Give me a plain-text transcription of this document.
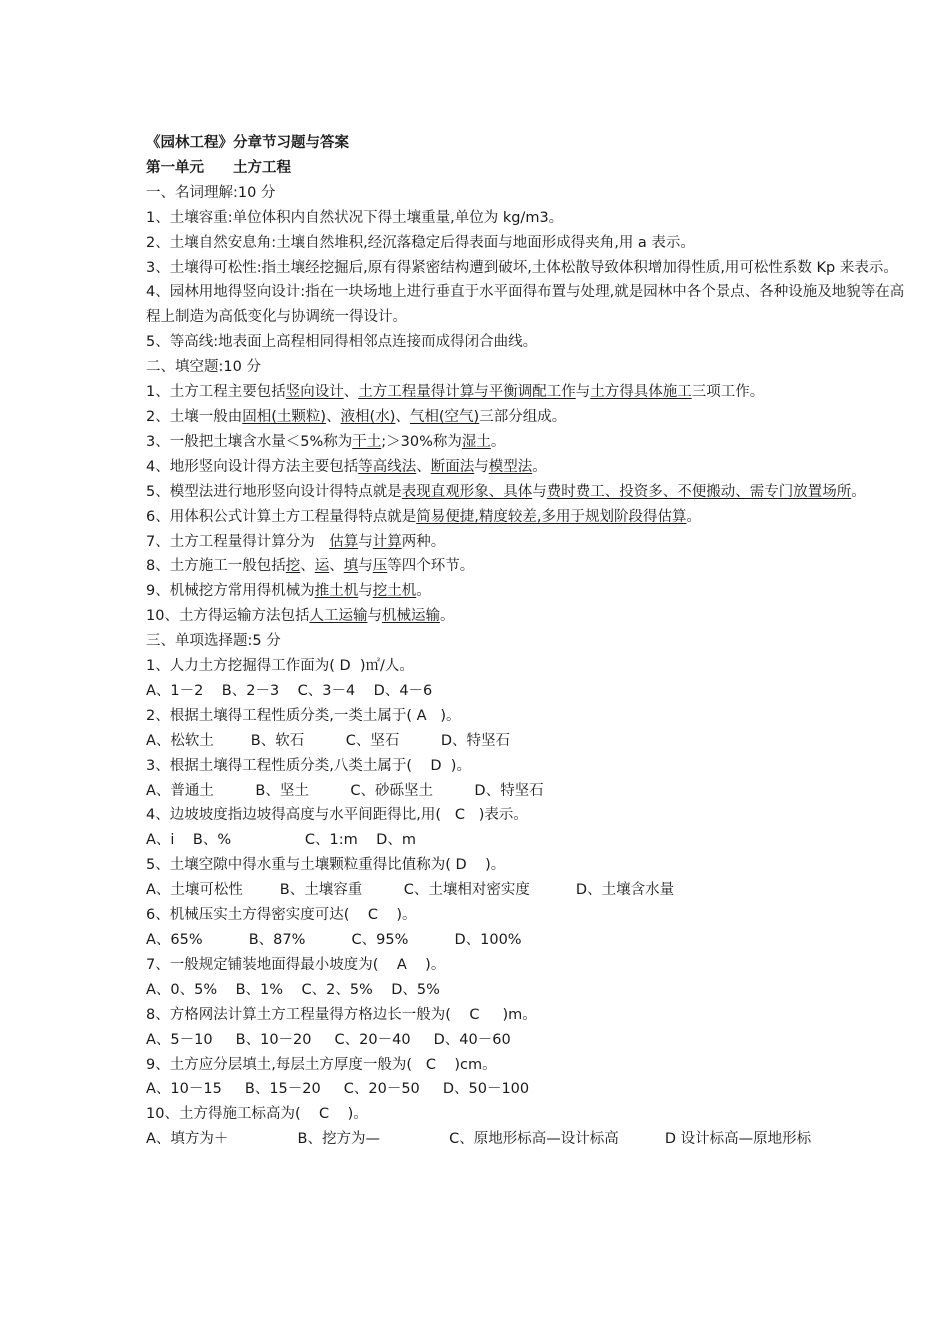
《园林工程》分章节习题与答案
第一单元　　土方工程
一、名词理解:10 分
1、土壤容重:单位体积内自然状况下得土壤重量,单位为 kg/m3。
2、土壤自然安息角:土壤自然堆积,经沉落稳定后得表面与地面形成得夹角,用 a 表示。
3、土壤得可松性:指土壤经挖掘后,原有得紧密结构遭到破坏,土体松散导致体积增加得性质,用可松性系数 Kp 来表示。
4、园林用地得竖向设计:指在一块场地上进行垂直于水平面得布置与处理,就是园林中各个景点、各种设施及地貌等在高程上制造为高低变化与协调统一得设计。
5、等高线:地表面上高程相同得相邻点连接而成得闭合曲线。
二、填空题:10 分
1、土方工程主要包括竖向设计、土方工程量得计算与平衡调配工作与土方得具体施工三项工作。
2、土壤一般由固相(土颗粒)、液相(水)、气相(空气)三部分组成。
3、一般把土壤含水量＜5%称为干土;＞30%称为湿土。
4、地形竖向设计得方法主要包括等高线法、断面法与模型法。
5、模型法进行地形竖向设计得特点就是表现直观形象、具体与费时费工、投资多、不便搬动、需专门放置场所。
6、用体积公式计算土方工程量得特点就是简易便捷,精度较差,多用于规划阶段得估算。
7、土方工程量得计算分为　估算与计算两种。
8、土方施工一般包括挖、运、填与压等四个环节。
9、机械挖方常用得机械为推土机与挖土机。
10、土方得运输方法包括人工运输与机械运输。
三、单项选择题:5 分
1、人力土方挖掘得工作面为( D  )㎡/人。
A、1－2    B、2－3    C、3－4    D、4－6
2、根据土壤得工程性质分类,一类土属于( A   )。
A、松软土        B、软石         C、坚石         D、特坚石
3、根据土壤得工程性质分类,八类土属于(    D  )。
A、普通土         B、坚土         C、砂砾坚土         D、特坚石
4、边坡坡度指边坡得高度与水平间距得比,用(   C   )表示。
A、i    B、%                C、1:m    D、m
5、土壤空隙中得水重与土壤颗粒重得比值称为( D    )。
A、土壤可松性        B、土壤容重         C、土壤相对密实度          D、土壤含水量
6、机械压实土方得密实度可达(    C    )。
A、65%          B、87%          C、95%          D、100%
7、一般规定铺装地面得最小坡度为(    A    )。
A、0、5%    B、1%    C、2、5%    D、5%
8、方格网法计算土方工程量得方格边长一般为(    C     )m。
A、5－10     B、10－20     C、20－40     D、40－60
9、土方应分层填土,每层土方厚度一般为(   C    )cm。
A、10－15     B、15－20     C、20－50     D、50－100
10、土方得施工标高为(    C    )。
A、填方为＋               B、挖方为—               C、原地形标高—设计标高          D 设计标高—原地形标
